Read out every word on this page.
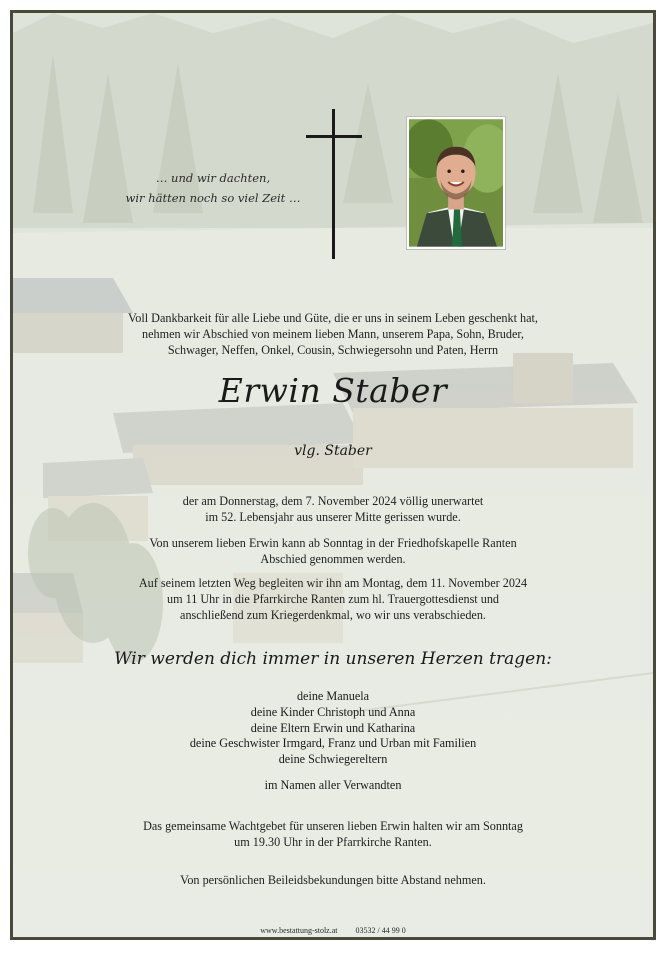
… und wir dachten,
wir hätten noch so viel Zeit …
Voll Dankbarkeit für alle Liebe und Güte, die er uns in seinem Leben geschenkt hat,
nehmen wir Abschied von meinem lieben Mann, unserem Papa, Sohn, Bruder,
Schwager, Neffen, Onkel, Cousin, Schwiegersohn und Paten, Herrn
Erwin Staber
vlg. Staber
der am Donnerstag, dem 7. November 2024 völlig unerwartet
im 52. Lebensjahr aus unserer Mitte gerissen wurde.
Von unserem lieben Erwin kann ab Sonntag in der Friedhofskapelle Ranten
Abschied genommen werden.
Auf seinem letzten Weg begleiten wir ihn am Montag, dem 11. November 2024
um 11 Uhr in die Pfarrkirche Ranten zum hl. Trauergottesdienst und
anschließend zum Kriegerdenkmal, wo wir uns verabschieden.
Wir werden dich immer in unseren Herzen tragen:
deine Manuela
deine Kinder Christoph und Anna
deine Eltern Erwin und Katharina
deine Geschwister Irmgard, Franz und Urban mit Familien
deine Schwiegereltern
im Namen aller Verwandten
Das gemeinsame Wachtgebet für unseren lieben Erwin halten wir am Sonntag
um 19.30 Uhr in der Pfarrkirche Ranten.
Von persönlichen Beileidsbekundungen bitte Abstand nehmen.
www.bestattung-stolz.at 03532 / 44 99 0
